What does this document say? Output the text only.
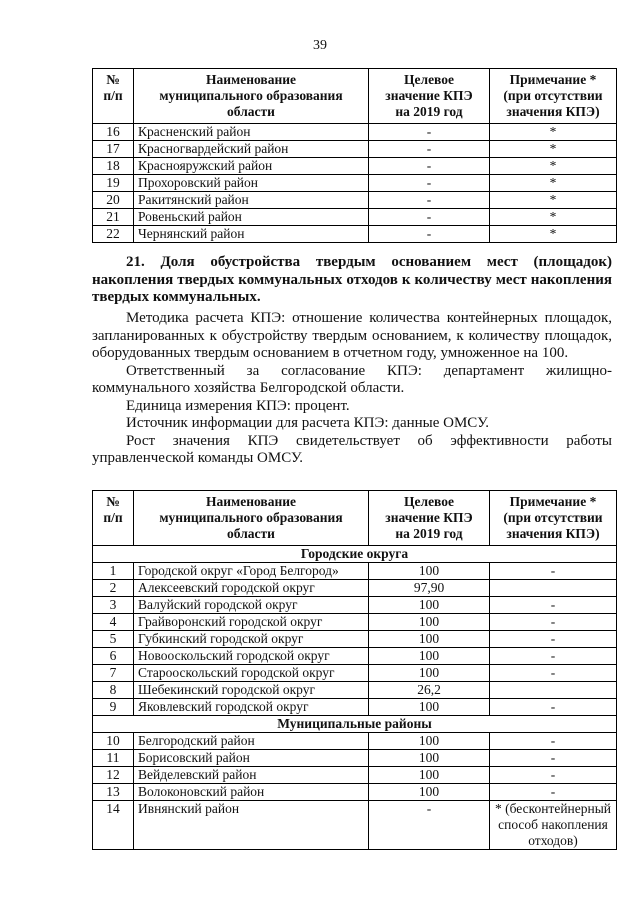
39
№
п/п	Наименование
муниципального образования
области	Целевое
значение КПЭ
на 2019 год	Примечание *
(при отсутствии
значения КПЭ)
16	Красненский район	-	*
17	Красногвардейский район	-	*
18	Краснояружский район	-	*
19	Прохоровский район	-	*
20	Ракитянский район	-	*
21	Ровеньский район	-	*
22	Чернянский район	-	*
21. Доля обустройства твердым основанием мест (площадок) накопления твердых коммунальных отходов к количеству мест накопления твердых коммунальных.

Методика расчета КПЭ: отношение количества контейнерных площадок, запланированных к обустройству твердым основанием, к количеству площадок, оборудованных твердым основанием в отчетном году, умноженное на 100.

Ответственный за согласование КПЭ: департамент жилищно-коммунального хозяйства Белгородской области.

Единица измерения КПЭ: процент.

Источник информации для расчета КПЭ: данные ОМСУ.

Рост значения КПЭ свидетельствует об эффективности работы управленческой команды ОМСУ.

№
п/п	Наименование
муниципального образования
области	Целевое
значение КПЭ
на 2019 год	Примечание *
(при отсутствии
значения КПЭ)
Городские округа			
1	Городской округ «Город Белгород»	100	-
2	Алексеевский городской округ	97,90	
3	Валуйский городской округ	100	-
4	Грайворонский городской округ	100	-
5	Губкинский городской округ	100	-
6	Новооскольский городской округ	100	-
7	Старооскольский городской округ	100	-
8	Шебекинский городской округ	26,2	
9	Яковлевский городской округ	100	-
Муниципальные районы			
10	Белгородский район	100	-
11	Борисовский район	100	-
12	Вейделевский район	100	-
13	Волоконовский район	100	-
14	Ивнянский район	-	* (бесконтейнерный способ накопления отходов)
